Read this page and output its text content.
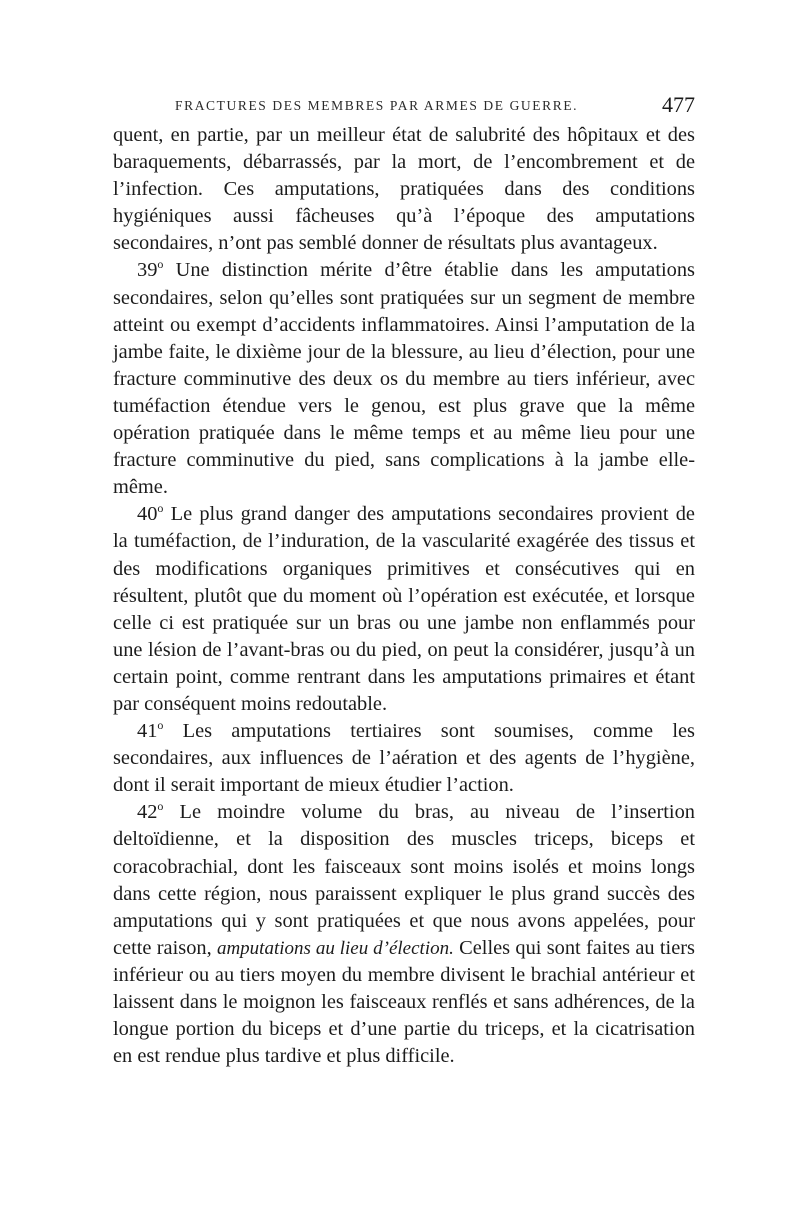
FRACTURES DES MEMBRES PAR ARMES DE GUERRE.	477

quent, en partie, par un meilleur état de salubrité des hôpitaux et des baraquements, débarrassés, par la mort, de l’encombrement et de l’infection. Ces amputations, pratiquées dans des conditions hygiéniques aussi fâcheuses qu’à l’époque des amputations secondaires, n’ont pas semblé donner de résultats plus avantageux.

39$^o$ Une distinction mérite d’être établie dans les amputations secondaires, selon qu’elles sont pratiquées sur un segment de membre atteint ou exempt d’accidents inflammatoires. Ainsi l’amputation de la jambe faite, le dixième jour de la blessure, au lieu d’élection, pour une fracture comminutive des deux os du membre au tiers inférieur, avec tuméfaction étendue vers le genou, est plus grave que la même opération pratiquée dans le même temps et au même lieu pour une fracture comminutive du pied, sans complications à la jambe elle-même.

40$^o$ Le plus grand danger des amputations secondaires provient de la tuméfaction, de l’induration, de la vascularité exagérée des tissus et des modifications organiques primitives et consécutives qui en résultent, plutôt que du moment où l’opération est exécutée, et lorsque celle ci est pratiquée sur un bras ou une jambe non enflammés pour une lésion de l’avant-bras ou du pied, on peut la considérer, jusqu’à un certain point, comme rentrant dans les amputations primaires et étant par conséquent moins redoutable.

41$^o$ Les amputations tertiaires sont soumises, comme les secondaires, aux influences de l’aération et des agents de l’hygiène, dont il serait important de mieux étudier l’action.

42$^o$ Le moindre volume du bras, au niveau de l’insertion deltoïdienne, et la disposition des muscles triceps, biceps et coracobrachial, dont les faisceaux sont moins isolés et moins longs dans cette région, nous paraissent expliquer le plus grand succès des amputations qui y sont pratiquées et que nous avons appelées, pour cette raison, amputations au lieu d’élection. Celles qui sont faites au tiers inférieur ou au tiers moyen du membre divisent le brachial antérieur et laissent dans le moignon les faisceaux renflés et sans adhérences, de la longue portion du biceps et d’une partie du triceps, et la cicatrisation en est rendue plus tardive et plus difficile.
